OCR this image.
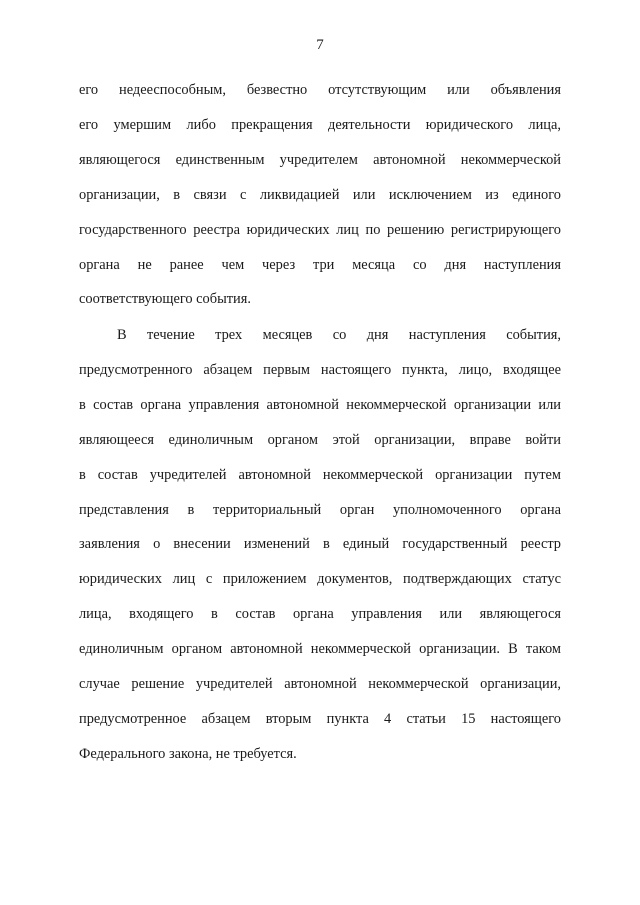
7
его недееспособным, безвестно отсутствующим или объявления
его умершим либо прекращения деятельности юридического лица,
являющегося единственным учредителем автономной некоммерческой
организации, в связи с ликвидацией или исключением из единого
государственного реестра юридических лиц по решению регистрирующего
органа не ранее чем через три месяца со дня наступления
соответствующего события.
В течение трех месяцев со дня наступления события,
предусмотренного абзацем первым настоящего пункта, лицо, входящее
в состав органа управления автономной некоммерческой организации или
являющееся единоличным органом этой организации, вправе войти
в состав учредителей автономной некоммерческой организации путем
представления в территориальный орган уполномоченного органа
заявления о внесении изменений в единый государственный реестр
юридических лиц с приложением документов, подтверждающих статус
лица, входящего в состав органа управления или являющегося
единоличным органом автономной некоммерческой организации. В таком
случае решение учредителей автономной некоммерческой организации,
предусмотренное абзацем вторым пункта 4 статьи 15 настоящего
Федерального закона, не требуется.
